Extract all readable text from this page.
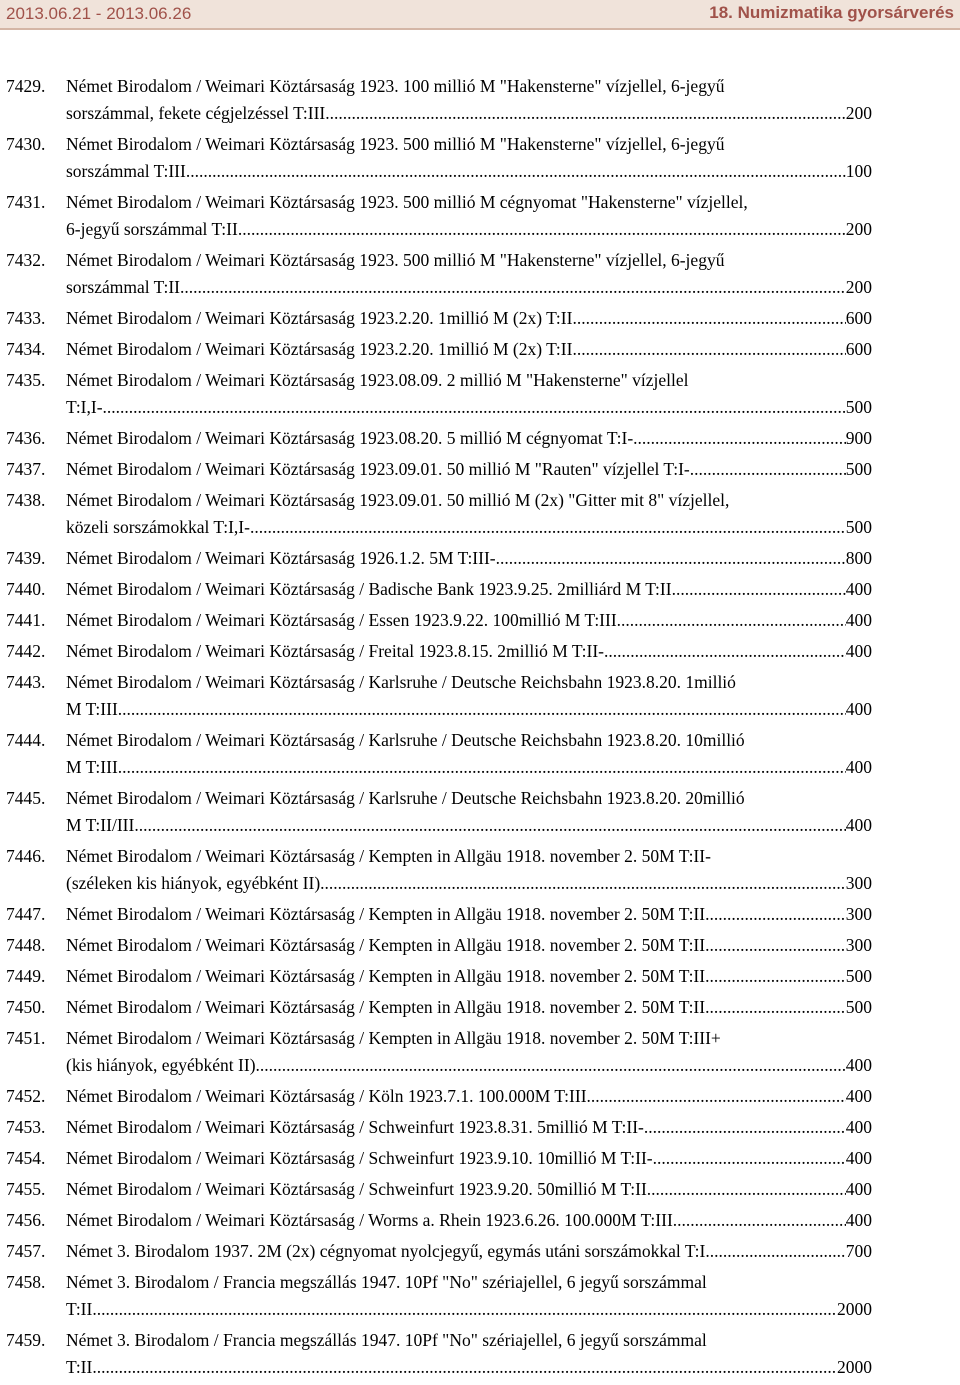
2013.06.21 - 2013.06.26	18. Numizmatika gyorsárverés
7429.	Német Birodalom / Weimari Köztársaság 1923. 100 millió M "Hakensterne" vízjellel, 6-jegyű
sorszámmal, fekete cégjelzéssel T:III .....	200
7430.	Német Birodalom / Weimari Köztársaság 1923. 500 millió M "Hakensterne" vízjellel, 6-jegyű
sorszámmal T:III .....	100
7431.	Német Birodalom / Weimari Köztársaság 1923. 500 millió M cégnyomat "Hakensterne" vízjellel,
6-jegyű sorszámmal T:II .....	200
7432.	Német Birodalom / Weimari Köztársaság 1923. 500 millió M "Hakensterne" vízjellel, 6-jegyű
sorszámmal T:II .....	200
7433.	Német Birodalom / Weimari Köztársaság 1923.2.20. 1millió M (2x) T:II .....	600
7434.	Német Birodalom / Weimari Köztársaság 1923.2.20. 1millió M (2x) T:II .....	600
7435.	Német Birodalom / Weimari Köztársaság 1923.08.09. 2 millió M "Hakensterne" vízjellel
T:I,I-... .....	500
7436.	Német Birodalom / Weimari Köztársaság 1923.08.20. 5 millió M cégnyomat T:I- .....	900
7437.	Német Birodalom / Weimari Köztársaság 1923.09.01. 50 millió M "Rauten" vízjellel T:I- .....	500
7438.	Német Birodalom / Weimari Köztársaság 1923.09.01. 50 millió M (2x) "Gitter mit 8" vízjellel,
közeli sorszámokkal T:I,I- .....	500
7439.	Német Birodalom / Weimari Köztársaság 1926.1.2. 5M T:III- .....	800
7440.	Német Birodalom / Weimari Köztársaság / Badische Bank 1923.9.25. 2milliárd M T:II .....	400
7441.	Német Birodalom / Weimari Köztársaság / Essen 1923.9.22. 100millió M T:III .....	400
7442.	Német Birodalom / Weimari Köztársaság / Freital 1923.8.15. 2millió M T:II- .....	400
7443.	Német Birodalom / Weimari Köztársaság / Karlsruhe / Deutsche Reichsbahn 1923.8.20. 1millió
M T:III .....	400
7444.	Német Birodalom / Weimari Köztársaság / Karlsruhe / Deutsche Reichsbahn 1923.8.20. 10millió
M T:III .....	400
7445.	Német Birodalom / Weimari Köztársaság / Karlsruhe / Deutsche Reichsbahn 1923.8.20. 20millió
M T:II/III .....	400
7446.	Német Birodalom / Weimari Köztársaság / Kempten in Allgäu 1918. november 2. 50M T:II-
(széleken kis hiányok, egyébként II) .....	300
7447.	Német Birodalom / Weimari Köztársaság / Kempten in Allgäu 1918. november 2. 50M T:II .....	300
7448.	Német Birodalom / Weimari Köztársaság / Kempten in Allgäu 1918. november 2. 50M T:II .....	300
7449.	Német Birodalom / Weimari Köztársaság / Kempten in Allgäu 1918. november 2. 50M T:II .....	500
7450.	Német Birodalom / Weimari Köztársaság / Kempten in Allgäu 1918. november 2. 50M T:II .....	500
7451.	Német Birodalom / Weimari Köztársaság / Kempten in Allgäu 1918. november 2. 50M T:III+
(kis hiányok, egyébként II) .....	400
7452.	Német Birodalom / Weimari Köztársaság / Köln 1923.7.1. 100.000M T:III .....	400
7453.	Német Birodalom / Weimari Köztársaság / Schweinfurt 1923.8.31. 5millió M T:II- .....	400
7454.	Német Birodalom / Weimari Köztársaság / Schweinfurt 1923.9.10. 10millió M T:II- .....	400
7455.	Német Birodalom / Weimari Köztársaság / Schweinfurt 1923.9.20. 50millió M T:II .....	400
7456.	Német Birodalom / Weimari Köztársaság / Worms a. Rhein 1923.6.26. 100.000M T:III .....	400
7457.	Német 3. Birodalom 1937. 2M (2x) cégnyomat nyolcjegyű, egymás utáni sorszámokkal T:I .....	700
7458.	Német 3. Birodalom / Francia megszállás 1947. 10Pf "No" szériajellel, 6 jegyű sorszámmal
T:II.... .....	2000
7459.	Német 3. Birodalom / Francia megszállás 1947. 10Pf "No" szériajellel, 6 jegyű sorszámmal
T:II.... .....	2000
